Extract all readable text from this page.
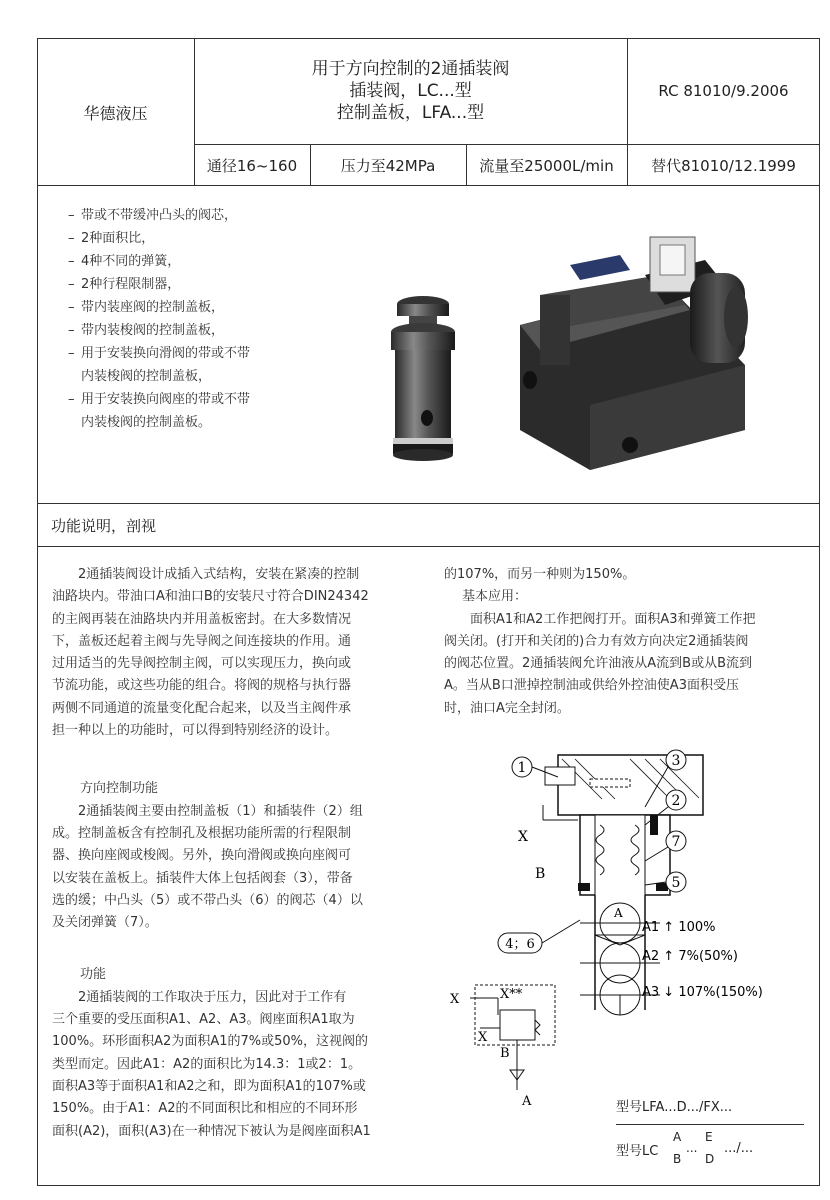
华德液压
用于方向控制的2通插装阀
插装阀，LC...型
控制盖板，LFA...型
RC 81010/9.2006
通径16~160	压力至42MPa	流量至25000L/min	替代81010/12.1999
– 带或不带缓冲凸头的阀芯，
– 2种面积比，
– 4种不同的弹簧，
– 2种行程限制器，
– 带内装座阀的控制盖板，
– 带内装梭阀的控制盖板，
– 用于安装换向滑阀的带或不带
内装梭阀的控制盖板，
– 用于安装换向阀座的带或不带
内装梭阀的控制盖板。
功能说明，剖视

2通插装阀设计成插入式结构，安装在紧凑的控制

油路块内。带油口A和油口B的安装尺寸符合DIN24342

的主阀再装在油路块内并用盖板密封。在大多数情况

下，盖板还起着主阀与先导阀之间连接块的作用。通

过用适当的先导阀控制主阀，可以实现压力，换向或

节流功能，或这些功能的组合。将阀的规格与执行器

两侧不同通道的流量变化配合起来，以及当主阀件承

担一种以上的功能时，可以得到特别经济的设计。

方向控制功能

2通插装阀主要由控制盖板（1）和插装件（2）组

成。控制盖板含有控制孔及根据功能所需的行程限制

器、换向座阀或梭阀。另外，换向滑阀或换向座阀可

以安装在盖板上。插装件大体上包括阀套（3），带备

选的缓；中凸头（5）或不带凸头（6）的阀芯（4）以

及关闭弹簧（7）。

功能

2通插装阀的工作取决于压力，因此对于工作有

三个重要的受压面积A1、A2、A3。阀座面积A1取为

100%。环形面积A2为面积A1的7%或50%，这视阀的

类型而定。因此A1：A2的面积比为14.3：1或2：1。

面积A3等于面积A1和A2之和，即为面积A1的107%或

150%。由于A1：A2的不同面积比和相应的不同环形

面积(A2)，面积(A3)在一种情况下被认为是阀座面积A1

的107%，而另一种则为150%。

基本应用：

面积A1和A2工作把阀打开。面积A3和弹簧工作把

阀关闭。(打开和关闭的)合力有效方向决定2通插装阀

的阀芯位置。2通插装阀允许油液从A流到B或从B流到

A。当从B口泄掉控制油或供给外控油使A3面积受压

时，油口A完全封闭。

1	3
2
7
5
4；6
X
B
A
A1 ↑ 100%
A2 ↑ 7%(50%)
A3 ↓ 107%(150%)
X	X**
X
B
A	型号LFA...D.../FX...
型号LC
A
B
...
E
D
.../...
